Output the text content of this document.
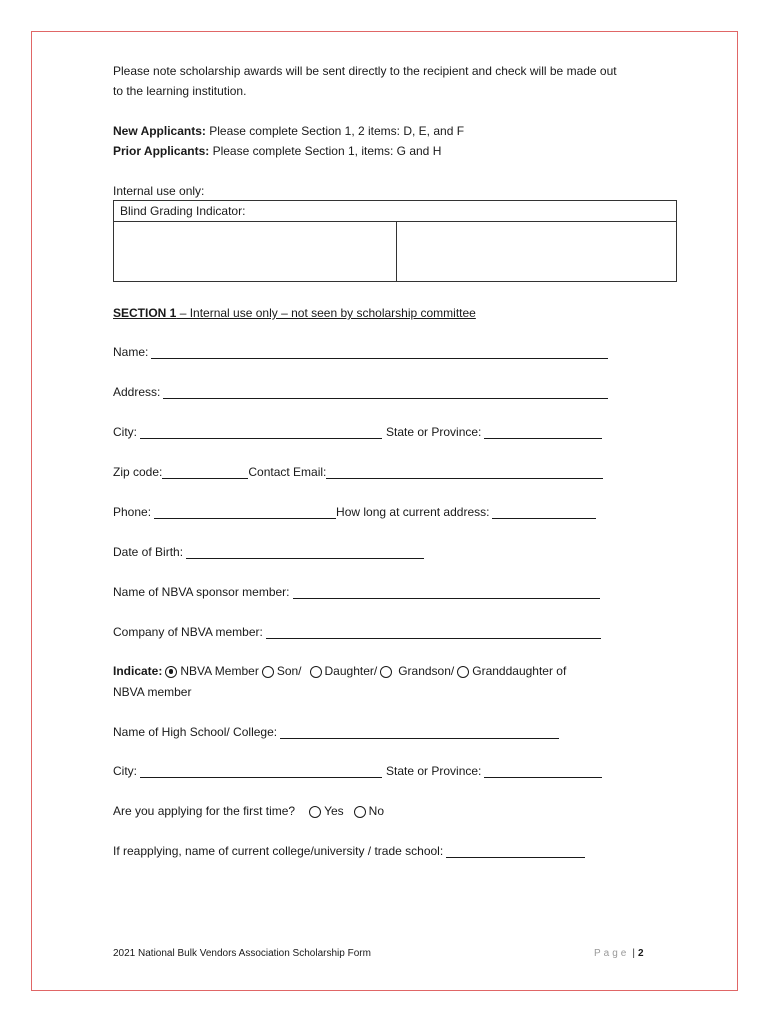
Please note scholarship awards will be sent directly to the recipient and check will be made out
to the learning institution.
New Applicants: Please complete Section 1, 2 items: D, E, and F
Prior Applicants: Please complete Section 1, items: G and H
Internal use only:
Blind Grading Indicator:
SECTION 1 – Internal use only – not seen by scholarship committee
Name:
Address:
City:	State or Province:
Zip code:	Contact Email:
Phone:	How long at current address:
Date of Birth:
Name of NBVA sponsor member:
Company of NBVA member:
Indicate: NBVA Member Son/ Daughter/ Grandson/ Granddaughter of
NBVA member
Name of High School/ College:
City:	State or Province:
Are you applying for the first time? Yes No
If reapplying, name of current college/university / trade school:
2021 National Bulk Vendors Association Scholarship Form	Page | 2
